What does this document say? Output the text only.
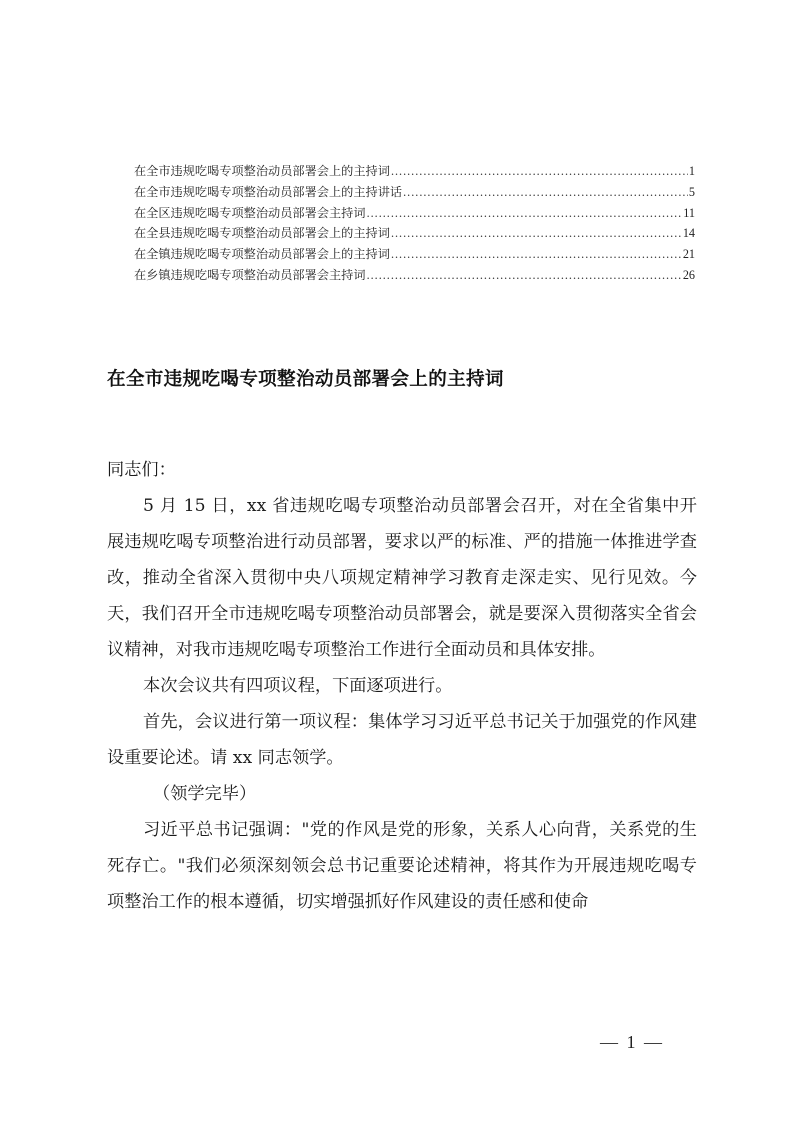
在全市违规吃喝专项整治动员部署会上的主持词 .....	1
在全市违规吃喝专项整治动员部署会上的主持讲话 .....	5
在全区违规吃喝专项整治动员部署会主持词 .....	11
在全县违规吃喝专项整治动员部署会上的主持词 .....	14
在全镇违规吃喝专项整治动员部署会上的主持词 .....	21
在乡镇违规吃喝专项整治动员部署会主持词 .....	26
在全市违规吃喝专项整治动员部署会上的主持词

同志们：

5 月 15 日，xx 省违规吃喝专项整治动员部署会召开，对在全省集中开展违规吃喝专项整治进行动员部署，要求以严的标准、严的措施一体推进学查改，推动全省深入贯彻中央八项规定精神学习教育走深走实、见行见效。今天，我们召开全市违规吃喝专项整治动员部署会，就是要深入贯彻落实全省会议精神，对我市违规吃喝专项整治工作进行全面动员和具体安排。

本次会议共有四项议程，下面逐项进行。

首先，会议进行第一项议程：集体学习习近平总书记关于加强党的作风建设重要论述。请 xx 同志领学。

（领学完毕）

习近平总书记强调："党的作风是党的形象，关系人心向背，关系党的生死存亡。"我们必须深刻领会总书记重要论述精神，将其作为开展违规吃喝专项整治工作的根本遵循，切实增强抓好作风建设的责任感和使命

— 1 —
